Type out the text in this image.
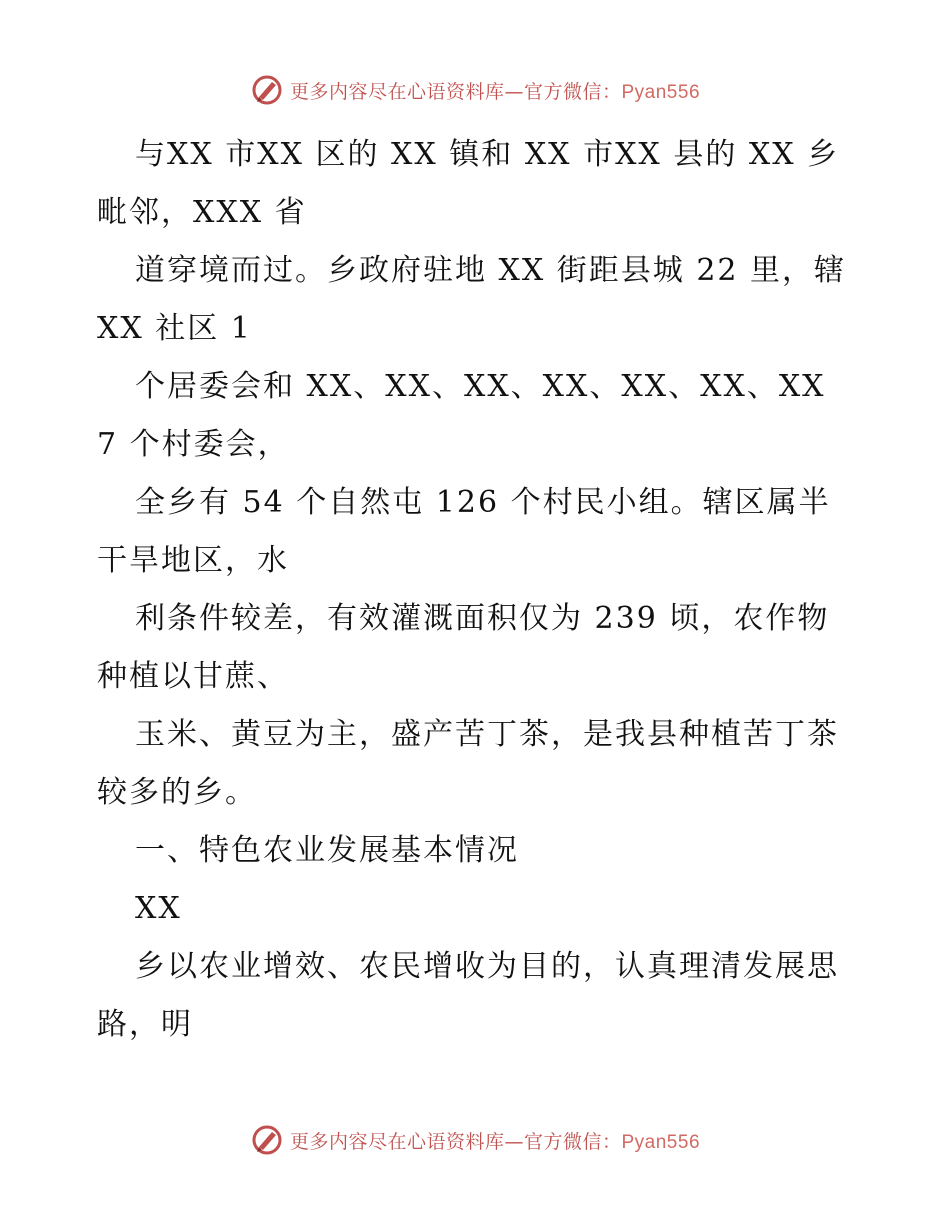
更多内容尽在心语资料库—官方微信：Pyan556

与XX 市XX 区的 XX 镇和 XX 市XX 县的 XX 乡毗邻，XXX 省

道穿境而过。乡政府驻地 XX 街距县城 22 里，辖 XX 社区 1

个居委会和 XX、XX、XX、XX、XX、XX、XX 7 个村委会，

全乡有 54 个自然屯 126 个村民小组。辖区属半干旱地区，水

利条件较差，有效灌溉面积仅为 239 顷，农作物种植以甘蔗、

玉米、黄豆为主，盛产苦丁茶，是我县种植苦丁茶较多的乡。

一、特色农业发展基本情况

XX

乡以农业增效、农民增收为目的，认真理清发展思路，明

更多内容尽在心语资料库—官方微信：Pyan556
